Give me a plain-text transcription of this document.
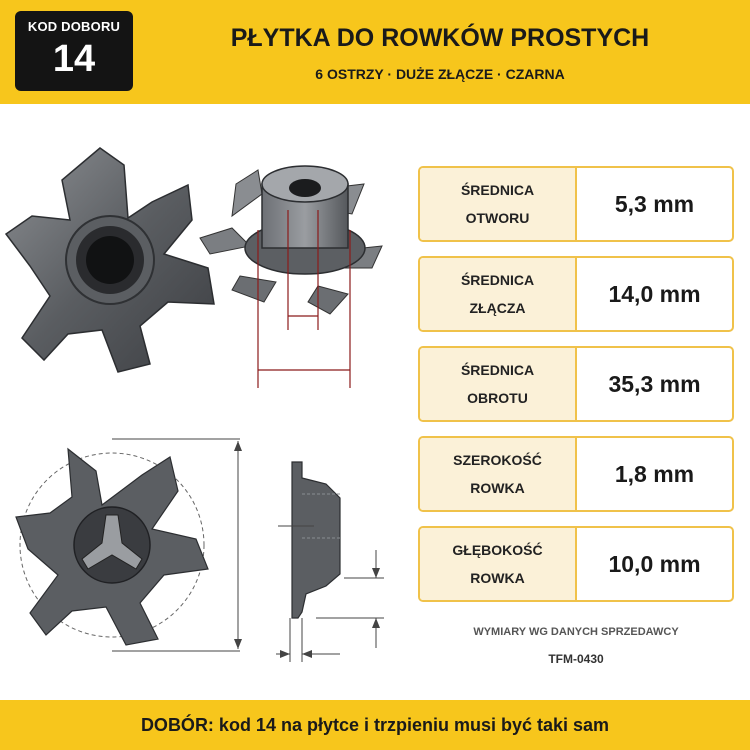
KOD DOBORU
14	PŁYTKA DO ROWKÓW PROSTYCH
6 OSTRZY · DUŻE ZŁĄCZE · CZARNA
ŚREDNICA
OTWORU
5,3 mm
ŚREDNICA
ZŁĄCZA
14,0 mm
ŚREDNICA
OBROTU
35,3 mm
SZEROKOŚĆ
ROWKA
1,8 mm
GŁĘBOKOŚĆ
ROWKA
10,0 mm
WYMIARY WG DANYCH SPRZEDAWCY
TFM-0430
DOBÓR: kod 14 na płytce i trzpieniu musi być taki sam
